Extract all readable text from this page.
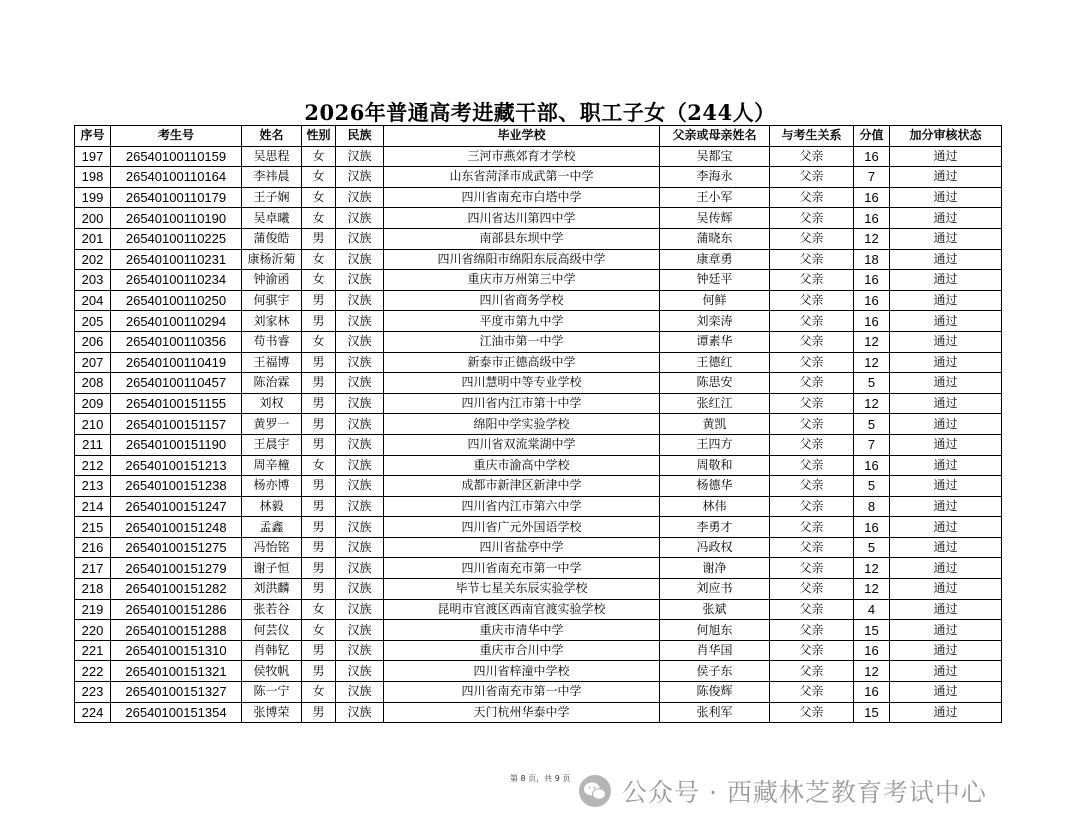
2026年普通高考进藏干部、职工子女（244人）
序号	考生号	姓名	性别	民族	毕业学校	父亲或母亲姓名	与考生关系	分值	加分审核状态
197	26540100110159	吴思程	女	汉族	三河市燕郊育才学校	吴都宝	父亲	16	通过
198	26540100110164	李祎晨	女	汉族	山东省菏泽市成武第一中学	李海永	父亲	7	通过
199	26540100110179	王子娴	女	汉族	四川省南充市白塔中学	王小军	父亲	16	通过
200	26540100110190	吴卓曦	女	汉族	四川省达川第四中学	吴传辉	父亲	16	通过
201	26540100110225	蒲俊皓	男	汉族	南部县东坝中学	蒲晓东	父亲	12	通过
202	26540100110231	康杨沂菊	女	汉族	四川省绵阳市绵阳东辰高级中学	康章勇	父亲	18	通过
203	26540100110234	钟渝函	女	汉族	重庆市万州第三中学	钟廷平	父亲	16	通过
204	26540100110250	何骐宇	男	汉族	四川省商务学校	何鲜	父亲	16	通过
205	26540100110294	刘家林	男	汉族	平度市第九中学	刘栾涛	父亲	16	通过
206	26540100110356	苟书睿	女	汉族	江油市第一中学	谭素华	父亲	12	通过
207	26540100110419	王福博	男	汉族	新泰市正德高级中学	王德红	父亲	12	通过
208	26540100110457	陈治霖	男	汉族	四川慧明中等专业学校	陈思安	父亲	5	通过
209	26540100151155	刘权	男	汉族	四川省内江市第十中学	张红江	父亲	12	通过
210	26540100151157	黄罗一	男	汉族	绵阳中学实验学校	黄凯	父亲	5	通过
211	26540100151190	王晨宇	男	汉族	四川省双流棠湖中学	王四方	父亲	7	通过
212	26540100151213	周辛橦	女	汉族	重庆市渝高中学校	周敬和	父亲	16	通过
213	26540100151238	杨亦博	男	汉族	成都市新津区新津中学	杨德华	父亲	5	通过
214	26540100151247	林毅	男	汉族	四川省内江市第六中学	林伟	父亲	8	通过
215	26540100151248	孟鑫	男	汉族	四川省广元外国语学校	李勇才	父亲	16	通过
216	26540100151275	冯怡铭	男	汉族	四川省盐亭中学	冯政权	父亲	5	通过
217	26540100151279	谢子恒	男	汉族	四川省南充市第一中学	谢净	父亲	12	通过
218	26540100151282	刘洪麟	男	汉族	毕节七星关东辰实验学校	刘应书	父亲	12	通过
219	26540100151286	张若谷	女	汉族	昆明市官渡区西南官渡实验学校	张斌	父亲	4	通过
220	26540100151288	何芸仪	女	汉族	重庆市清华中学	何旭东	父亲	15	通过
221	26540100151310	肖韩钇	男	汉族	重庆市合川中学	肖华国	父亲	16	通过
222	26540100151321	侯牧帆	男	汉族	四川省梓潼中学校	侯子东	父亲	12	通过
223	26540100151327	陈一宁	女	汉族	四川省南充市第一中学	陈俊辉	父亲	16	通过
224	26540100151354	张博荣	男	汉族	天门杭州华泰中学	张利军	父亲	15	通过
第 8 页，共 9 页 公众号 · 西藏林芝教育考试中心
